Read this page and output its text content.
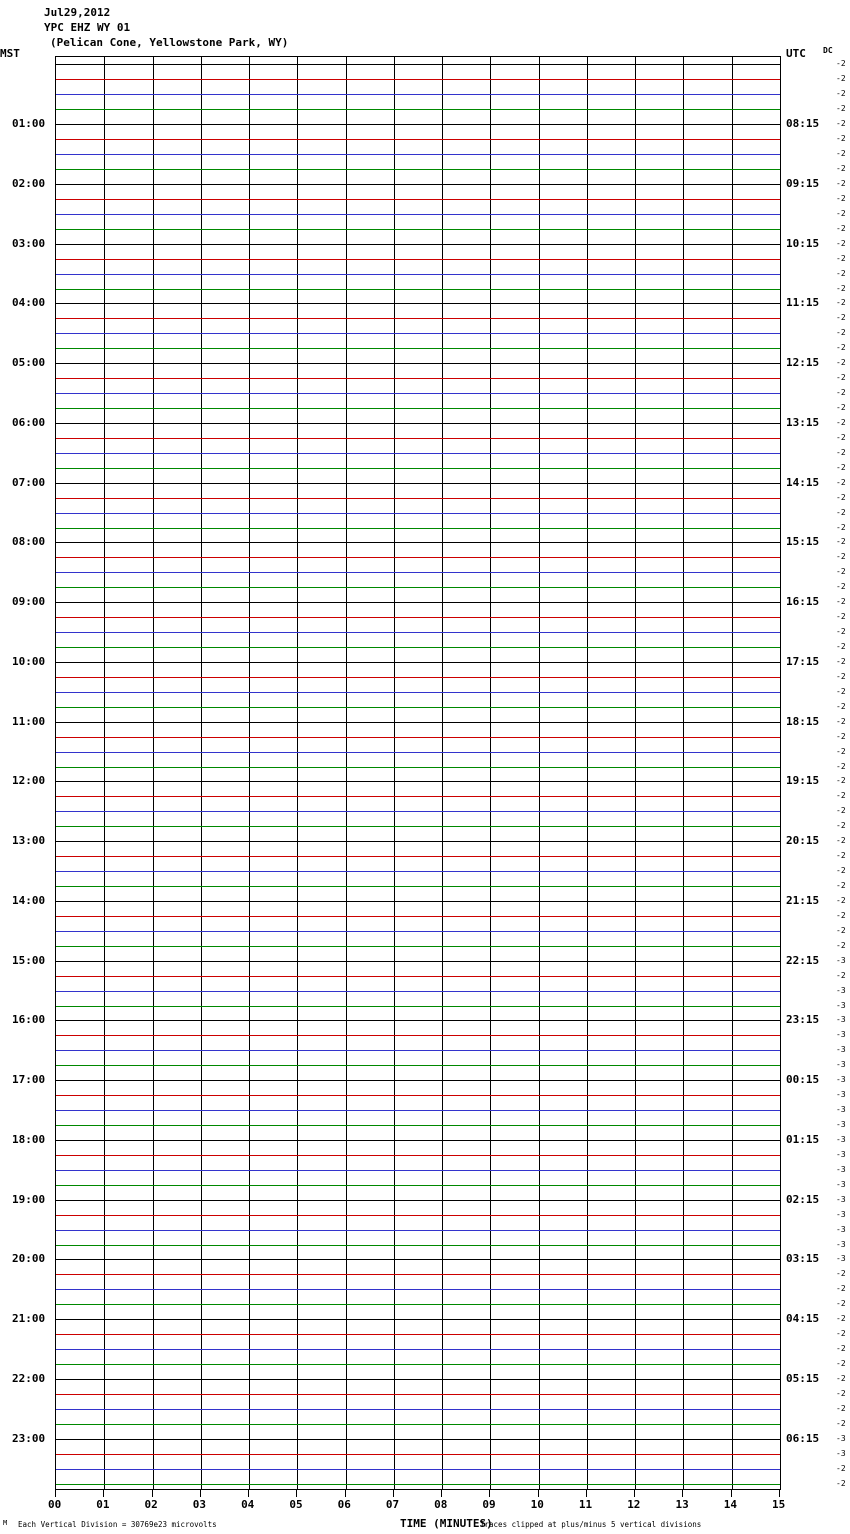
Jul29,2012
YPC EHZ WY 01
(Pelican Cone, Yellowstone Park, WY)
MST	UTC DC
01:00
02:00
03:00
04:00
05:00
06:00
07:00
08:00
09:00
10:00
11:00
12:00
13:00
14:00
15:00
16:00
17:00
18:00
19:00
20:00
21:00
22:00
23:00
08:15
09:15
10:15
11:15
12:15
13:15
14:15
15:15
16:15
17:15
18:15
19:15
20:15
21:15
22:15
23:15
00:15
01:15
02:15
03:15
04:15
05:15
06:15
-2
-2
-2
-2
-2
-2
-2
-2
-2
-2
-2
-2
-2
-2
-2
-2
-2
-2
-2
-2
-2
-2
-2
-2
-2
-2
-2
-2
-2
-2
-2
-2
-2
-2
-2
-2
-2
-2
-2
-2
-2
-2
-2
-2
-2
-2
-2
-2
-2
-2
-2
-2
-2
-2
-2
-2
-2
-2
-2
-2
-3
-2
-3
-3
-3
-3
-3
-3
-3
-3
-3
-3
-3
-3
-3
-3
-3
-3
-3
-3
-3
-2
-2
-2
-2
-2
-2
-2
-2
-2
-2
-2
-3
-3
-2
-2
00	01	02	03	04	05	06	07	08	09	10	11	12	13	14	15
M Each Vertical Division = 30769e23 microvolts	TIME (MINUTES)
Traces clipped at plus/minus 5 vertical divisions
